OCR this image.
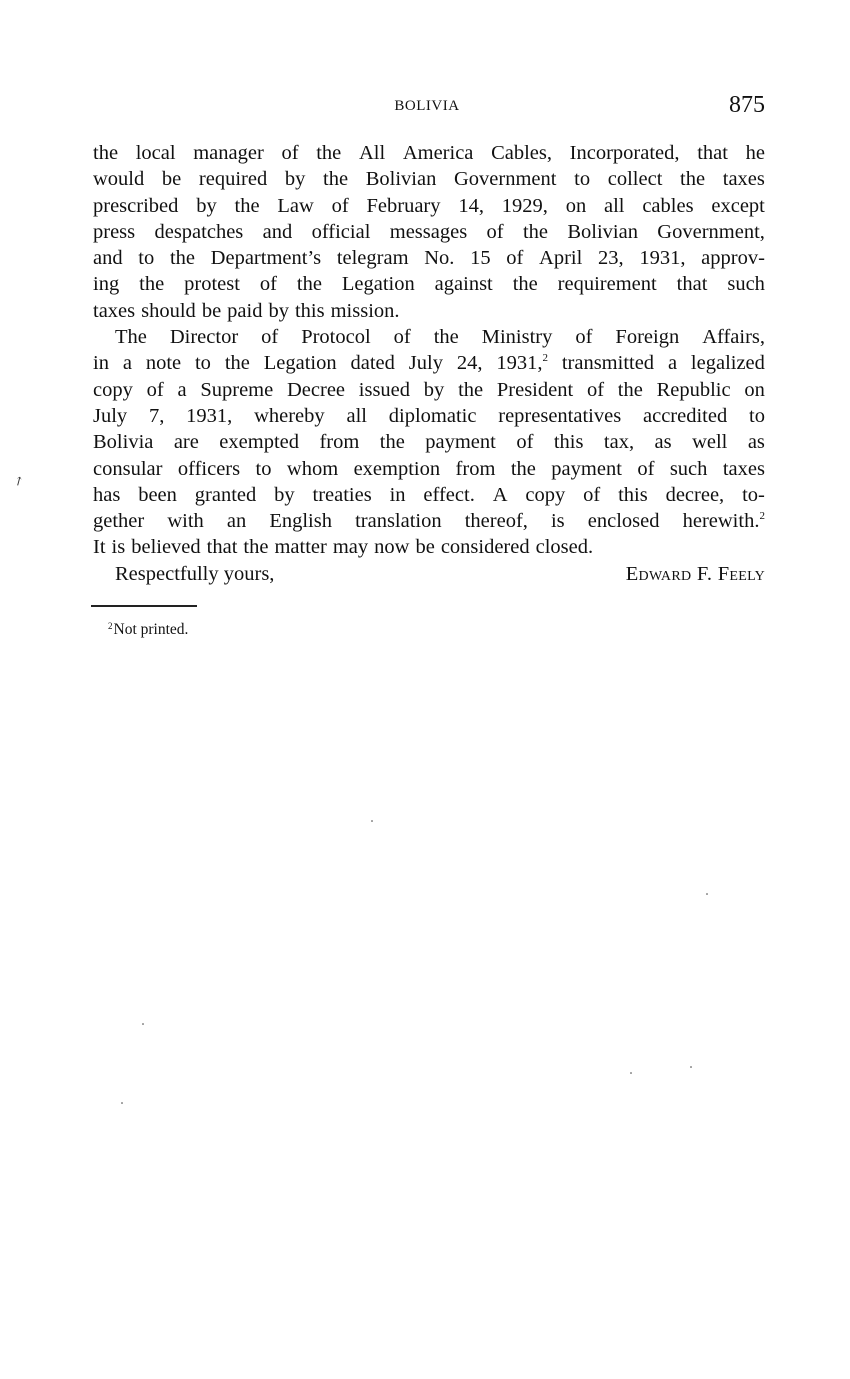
BOLIVIA	875
the local manager of the All America Cables, Incorporated, that he
would be required by the Bolivian Government to collect the taxes
prescribed by the Law of February 14, 1929, on all cables except
press despatches and official messages of the Bolivian Government,
and to the Department’s telegram No. 15 of April 23, 1931, approv-
ing the protest of the Legation against the requirement that such
taxes should be paid by this mission.
The Director of Protocol of the Ministry of Foreign Affairs,
in a note to the Legation dated July 24, 1931,$^2$ transmitted a legalized
copy of a Supreme Decree issued by the President of the Republic on
July 7, 1931, whereby all diplomatic representatives accredited to
Bolivia are exempted from the payment of this tax, as well as
consular officers to whom exemption from the payment of such taxes
has been granted by treaties in effect. A copy of this decree, to-
gether with an English translation thereof, is enclosed herewith.$^2$
It is believed that the matter may now be considered closed.
Respectfully yours,	Edward F. Feely
$^2$Not printed.
↗
